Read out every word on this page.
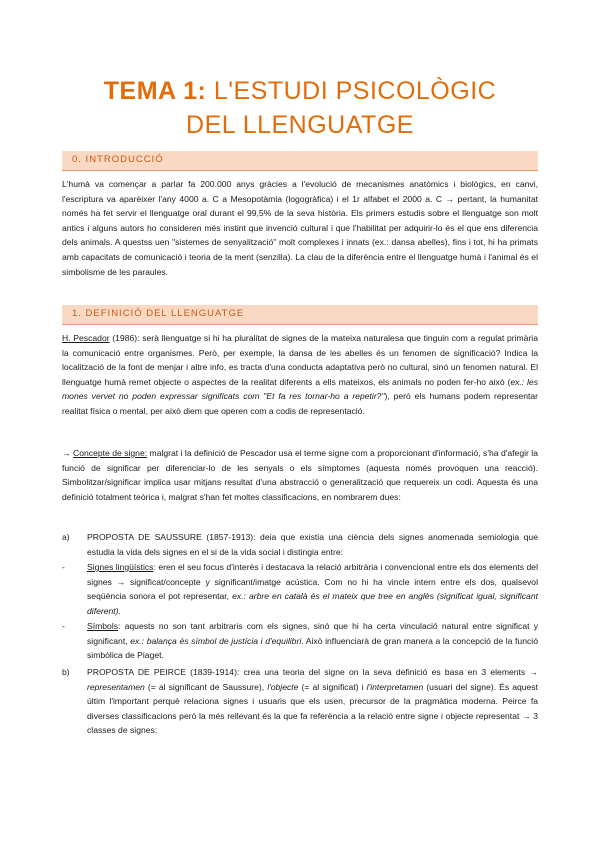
TEMA 1: L'ESTUDI PSICOLÒGIC
DEL LLENGUATGE
0. INTRODUCCIÓ

L'humà va començar a parlar fa 200.000 anys gràcies a l'evolució de mecanismes anatòmics i biològics, en canvi, l'escriptura va aparèixer l'any 4000 a. C a Mesopotàmia (logogràfica) i el 1r alfabet el 2000 a. C → pertant, la humanitat només ha fet servir el llenguatge oral durant el 99,5% de la seva història. Els primers estudis sobre el llenguatge son molt antics i alguns autors ho consideren més instint que invenció cultural i que l'habilitat per adquirir-lo és el que ens diferencia dels animals. A questss uen "sistemes de senyalització" molt complexes i innats (ex.: dansa abelles), fins i tot, hi ha primats amb capacitats de comunicació i teoria de la ment (senzilla). La clau de la diferència entre el llenguatge humà i l'animal és el simbolisme de les paraules.

1. DEFINICIÓ DEL LLENGUATGE

H. Pescador (1986): serà llenguatge si hi ha pluralitat de signes de la mateixa naturalesa que tinguin com a regulat primària la comunicació entre organismes. Però, per exemple, la dansa de les abelles és un fenomen de significació? Indica la localització de la font de menjar i altre info, es tracta d'una conducta adaptativa però no cultural, sinó un fenomen natural. El llenguatge humà remet objecte o aspectes de la realitat diferents a ells mateixos, els animals no poden fer-ho això (ex.: les mones vervet no poden expressar significats com "Et fa res tornar-ho a repetir?"), però els humans podem representar realitat física o mental, per això diem que operen com a codis de representació.

→ Concepte de signe: malgrat i la definició de Pescador usa el terme signe com a proporcionant d'informació, s'ha d'afegir la funció de significar per diferenciar-lo de les senyals o els símptomes (aquesta només provoquen una reacció). Simbolitzar/significar implica usar mitjans resultat d'una abstracció o generalització que requereix un codi. Aquesta és una definició totalment teòrica i, malgrat s'han fet moltes classificacions, en nombrarem dues:

a) PROPOSTA DE SAUSSURE (1857-1913): deia que existia una ciència dels signes anomenada semiologia que estudia la vida dels signes en el si de la vida social i distingia entre:
-	Signes lingüístics: eren el seu focus d'interès i destacava la relació arbitrària i convencional entre els dos elements del signes → significat/concepte y significant/imatge acústica. Com no hi ha vincle intern entre els dos, qualsevol seqüència sonora el pot representar, ex.: arbre en català és el mateix que tree en anglès (significat igual, significant diferent).
-	Símbols: aquests no son tant arbitraris com els signes, sinó que hi ha certa vinculació natural entre significat y significant, ex.: balança és símbol de justícia i d'equilibri. Això influenciarà de gran manera a la concepció de la funció simbòlica de Piaget.
b) PROPOSTA DE PEIRCE (1839-1914): crea una teoria del signe on la seva definició es basa en 3 elements → representamen (= al significant de Saussure), l'objecte (= al significat) i l'interpretamen (usuari del signe). És aquest últim l'important perquè relaciona signes i usuaris que els usen, precursor de la pragmàtica moderna. Peirce fa diverses classificacions però la més rellevant és la que fa referència a la relació entre signe i objecte representat → 3 classes de signes:
